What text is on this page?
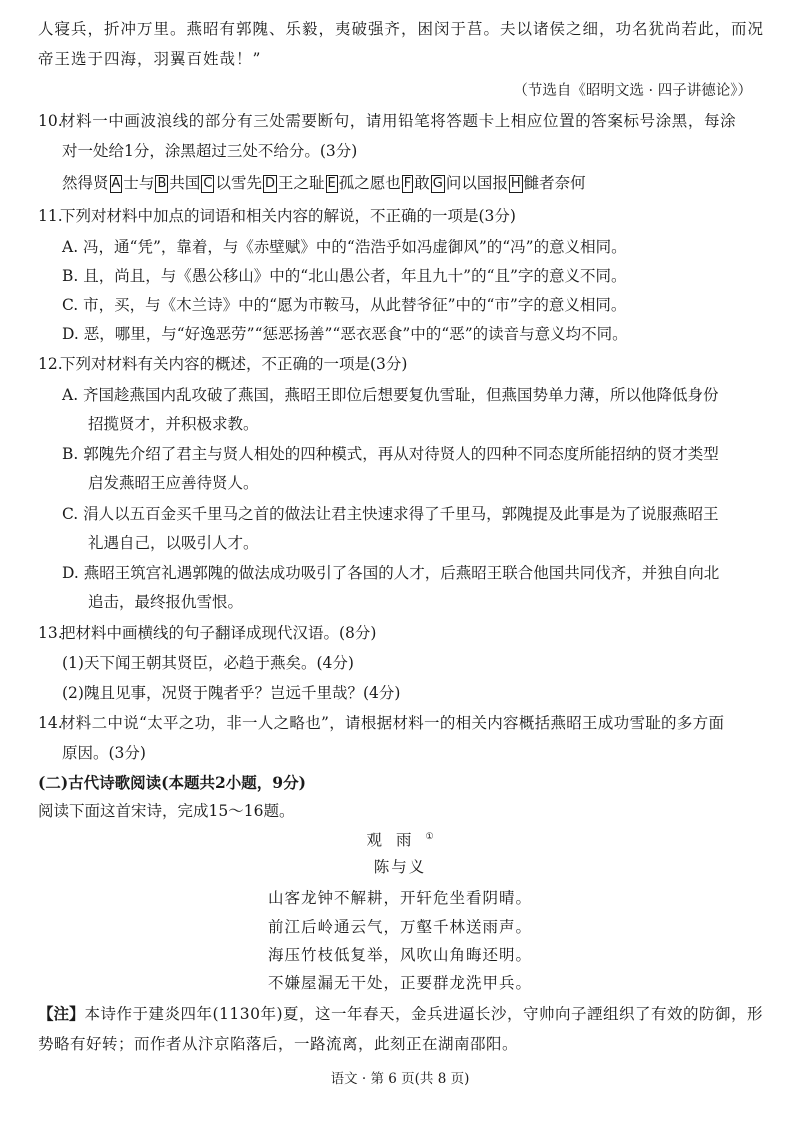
人寝兵，折冲万里。燕昭有郭隗、乐毅，夷破强齐，困闵于莒。夫以诸侯之细，功名犹尚若此，而况
帝王选于四海，羽翼百姓哉！”
（节选自《昭明文选 · 四子讲德论》）
10.
材料一中画波浪线的部分有三处需要断句，请用铅笔将答题卡上相应位置的答案标号涂黑，每涂
对一处给1分，涂黑超过三处不给分。(3分)
然得贤 A 士与 B 共国 C 以雪先 D 王之耻 E 孤之愿也 F 敢 G 问以国报 H 雠者奈何
11.
下列对材料中加点的词语和相关内容的解说，不正确的一项是(3分)
A. 冯，通“凭”，靠着，与《赤壁赋》中的“浩浩乎如冯虚御风”的“冯”的意义相同。
B. 且，尚且，与《愚公移山》中的“北山愚公者，年且九十”的“且”字的意义不同。
C. 市，买，与《木兰诗》中的“愿为市鞍马，从此替爷征”中的“市”字的意义相同。
D. 恶，哪里，与“好逸恶劳”“惩恶扬善”“恶衣恶食”中的“恶”的读音与意义均不同。
12.
下列对材料有关内容的概述，不正确的一项是(3分)
A. 齐国趁燕国内乱攻破了燕国，燕昭王即位后想要复仇雪耻，但燕国势单力薄，所以他降低身份
招揽贤才，并积极求教。
B. 郭隗先介绍了君主与贤人相处的四种模式，再从对待贤人的四种不同态度所能招纳的贤才类型
启发燕昭王应善待贤人。
C. 涓人以五百金买千里马之首的做法让君主快速求得了千里马，郭隗提及此事是为了说服燕昭王
礼遇自己，以吸引人才。
D. 燕昭王筑宫礼遇郭隗的做法成功吸引了各国的人才，后燕昭王联合他国共同伐齐，并独自向北
追击，最终报仇雪恨。
13.
把材料中画横线的句子翻译成现代汉语。(8分)
(1)天下闻王朝其贤臣，必趋于燕矣。(4分)
(2)隗且见事，况贤于隗者乎？岂远千里哉？(4分)
14.
材料二中说“太平之功，非一人之略也”，请根据材料一的相关内容概括燕昭王成功雪耻的多方面
原因。(3分)
(二)古代诗歌阅读(本题共2小题，9分)
阅读下面这首宋诗，完成15～16题。
观雨①
陈与义
山客龙钟不解耕，开轩危坐看阴晴。
前江后岭通云气，万壑千林送雨声。
海压竹枝低复举，风吹山角晦还明。
不嫌屋漏无干处，正要群龙洗甲兵。
【注】本诗作于建炎四年(1130年)夏，这一年春天，金兵进逼长沙，守帅向子諲组织了有效的防御，形
势略有好转；而作者从汴京陷落后，一路流离，此刻正在湖南邵阳。
语文 · 第 6 页(共 8 页)
